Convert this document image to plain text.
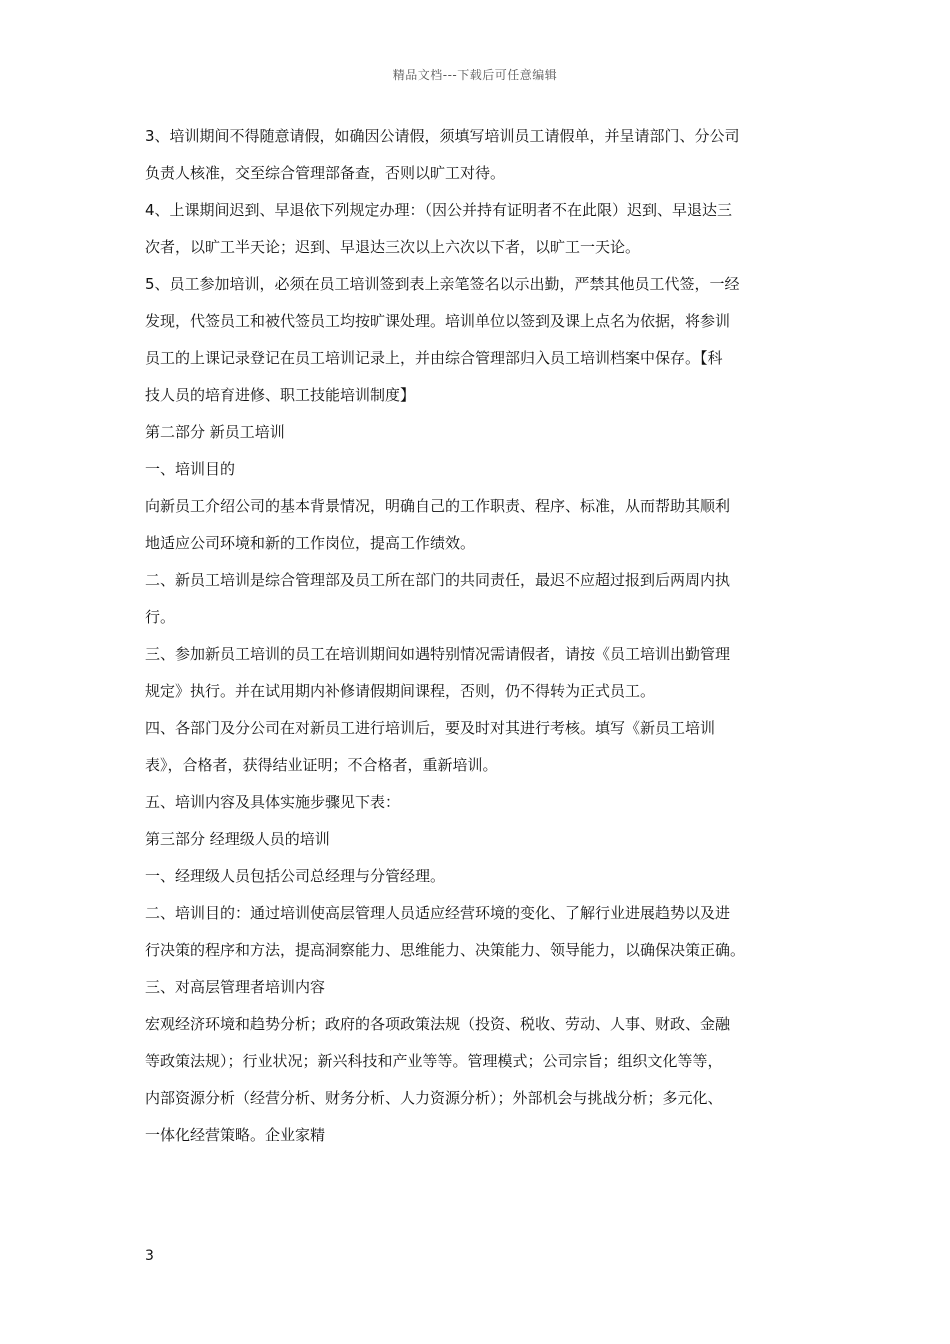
精品文档---下载后可任意编辑
3、培训期间不得随意请假，如确因公请假，须填写培训员工请假单，并呈请部门、分公司
负责人核准，交至综合管理部备查，否则以旷工对待。
4、上课期间迟到、早退依下列规定办理：（因公并持有证明者不在此限）迟到、早退达三
次者，以旷工半天论；迟到、早退达三次以上六次以下者，以旷工一天论。
5、员工参加培训，必须在员工培训签到表上亲笔签名以示出勤，严禁其他员工代签，一经
发现，代签员工和被代签员工均按旷课处理。培训单位以签到及课上点名为依据，将参训
员工的上课记录登记在员工培训记录上，并由综合管理部归入员工培训档案中保存。【科
技人员的培育进修、职工技能培训制度】
第二部分 新员工培训
一、培训目的
向新员工介绍公司的基本背景情况，明确自己的工作职责、程序、标准，从而帮助其顺利
地适应公司环境和新的工作岗位，提高工作绩效。
二、新员工培训是综合管理部及员工所在部门的共同责任，最迟不应超过报到后两周内执
行。
三、参加新员工培训的员工在培训期间如遇特别情况需请假者，请按《员工培训出勤管理
规定》执行。并在试用期内补修请假期间课程，否则，仍不得转为正式员工。
四、各部门及分公司在对新员工进行培训后，要及时对其进行考核。填写《新员工培训
表》，合格者，获得结业证明；不合格者，重新培训。
五、培训内容及具体实施步骤见下表：
第三部分 经理级人员的培训
一、经理级人员包括公司总经理与分管经理。
二、培训目的：通过培训使高层管理人员适应经营环境的变化、了解行业进展趋势以及进
行决策的程序和方法，提高洞察能力、思维能力、决策能力、领导能力，以确保决策正确。
三、对高层管理者培训内容
宏观经济环境和趋势分析；政府的各项政策法规（投资、税收、劳动、人事、财政、金融
等政策法规）；行业状况；新兴科技和产业等等。管理模式；公司宗旨；组织文化等等，
内部资源分析（经营分析、财务分析、人力资源分析）；外部机会与挑战分析；多元化、
一体化经营策略。企业家精
3
